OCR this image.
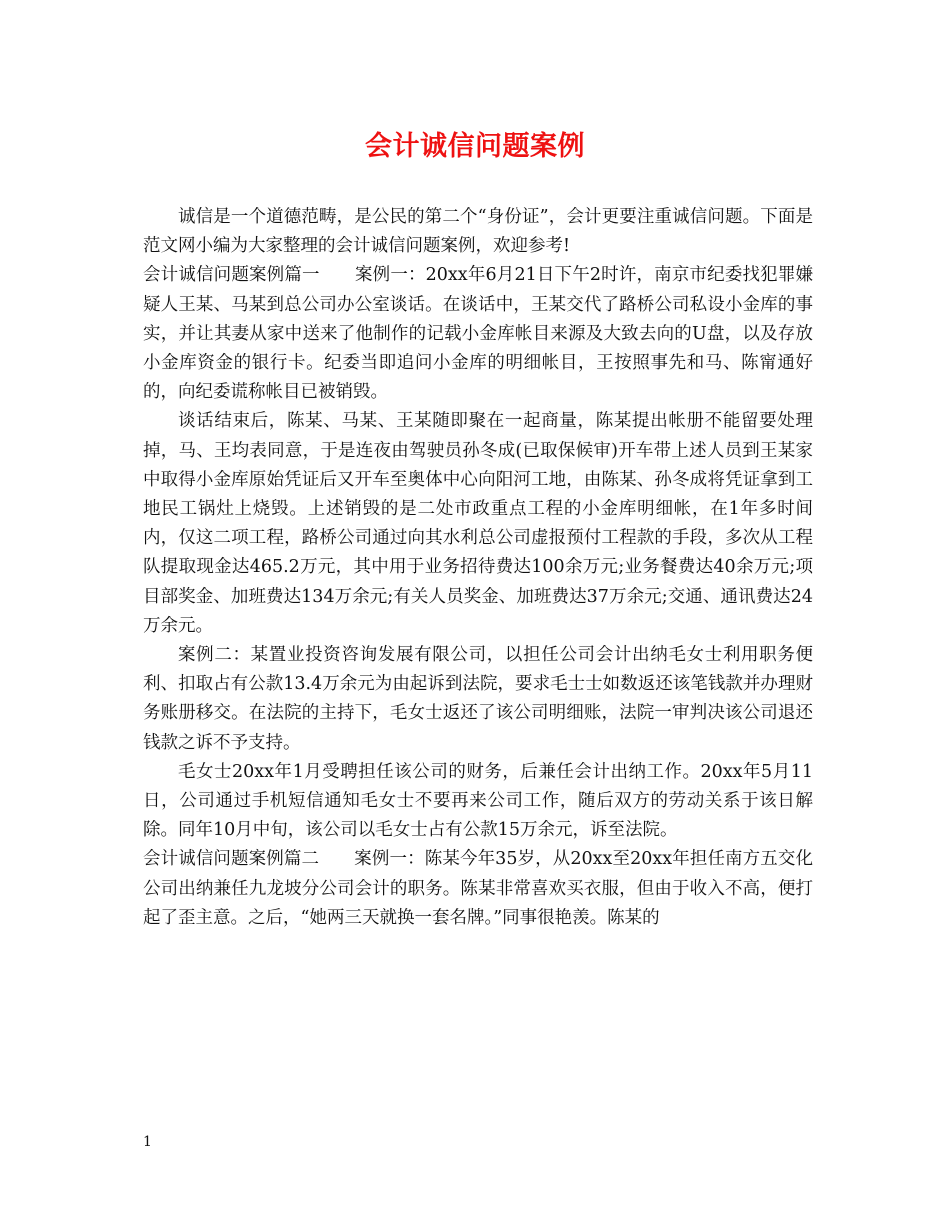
会计诚信问题案例

诚信是一个道德范畴，是公民的第二个“身份证”，会计更要注重诚信问题。下面是范文网小编为大家整理的会计诚信问题案例，欢迎参考!

会计诚信问题案例篇一　　案例一：20xx年6月21日下午2时许，南京市纪委找犯罪嫌疑人王某、马某到总公司办公室谈话。在谈话中，王某交代了路桥公司私设小金库的事实，并让其妻从家中送来了他制作的记载小金库帐目来源及大致去向的U盘，以及存放小金库资金的银行卡。纪委当即追问小金库的明细帐目，王按照事先和马、陈甯通好的，向纪委谎称帐目已被销毁。

谈话结束后，陈某、马某、王某随即聚在一起商量，陈某提出帐册不能留要处理掉，马、王均表同意，于是连夜由驾驶员孙冬成(已取保候审)开车带上述人员到王某家中取得小金库原始凭证后又开车至奥体中心向阳河工地，由陈某、孙冬成将凭证拿到工地民工锅灶上烧毁。上述销毁的是二处市政重点工程的小金库明细帐，在1年多时间内，仅这二项工程，路桥公司通过向其水利总公司虚报预付工程款的手段，多次从工程队提取现金达465.2万元，其中用于业务招待费达100余万元;业务餐费达40余万元;项目部奖金、加班费达134万余元;有关人员奖金、加班费达37万余元;交通、通讯费达24万余元。

案例二：某置业投资咨询发展有限公司，以担任公司会计出纳毛女士利用职务便利、扣取占有公款13.4万余元为由起诉到法院，要求毛士士如数返还该笔钱款并办理财务账册移交。在法院的主持下，毛女士返还了该公司明细账，法院一审判决该公司退还钱款之诉不予支持。

毛女士20xx年1月受聘担任该公司的财务，后兼任会计出纳工作。20xx年5月11日，公司通过手机短信通知毛女士不要再来公司工作，随后双方的劳动关系于该日解除。同年10月中旬，该公司以毛女士占有公款15万余元，诉至法院。

会计诚信问题案例篇二　　案例一：陈某今年35岁，从20xx至20xx年担任南方五交化公司出纳兼任九龙坡分公司会计的职务。陈某非常喜欢买衣服，但由于收入不高，便打起了歪主意。之后，“她两三天就换一套名牌。”同事很艳羡。陈某的

1
